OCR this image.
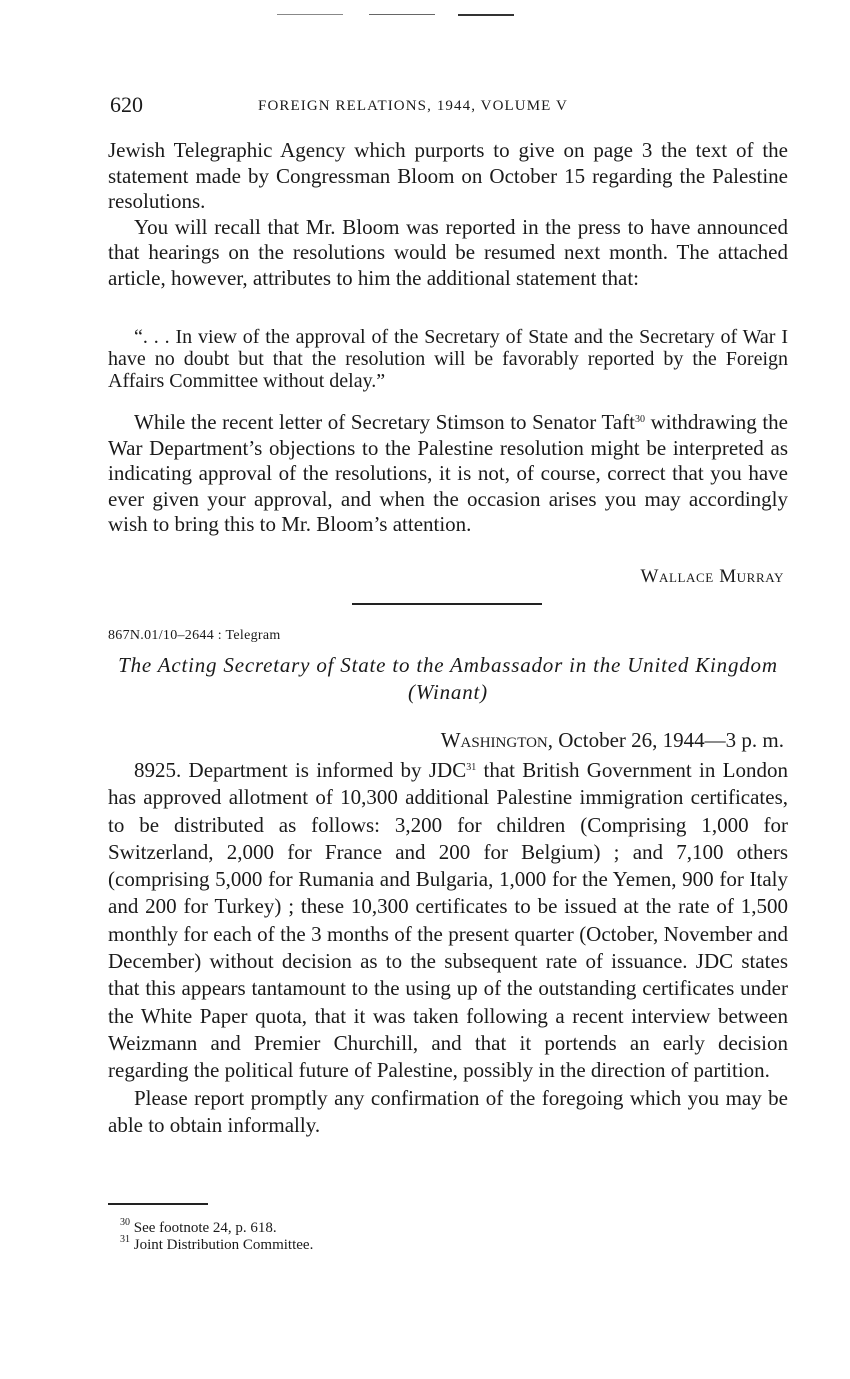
620	FOREIGN RELATIONS, 1944, VOLUME V

Jewish Telegraphic Agency which purports to give on page 3 the text of the statement made by Congressman Bloom on October 15 regarding the Palestine resolutions.

You will recall that Mr. Bloom was reported in the press to have announced that hearings on the resolutions would be resumed next month. The attached article, however, attributes to him the additional statement that:

“. . . In view of the approval of the Secretary of State and the Secretary of War I have no doubt but that the resolution will be favorably reported by the Foreign Affairs Committee without delay.”

While the recent letter of Secretary Stimson to Senator Taft$^{30}$ withdrawing the War Department’s objections to the Palestine resolution might be interpreted as indicating approval of the resolutions, it is not, of course, correct that you have ever given your approval, and when the occasion arises you may accordingly wish to bring this to Mr. Bloom’s attention.

Wallace Murray
867N.01/10–2644 : Telegram
The Acting Secretary of State to the Ambassador in the United Kingdom (Winant)
Washington, October 26, 1944—3 p. m.

8925. Department is informed by JDC$^{31}$ that British Government in London has approved allotment of 10,300 additional Palestine immigration certificates, to be distributed as follows: 3,200 for children (Comprising 1,000 for Switzerland, 2,000 for France and 200 for Belgium) ; and 7,100 others (comprising 5,000 for Rumania and Bulgaria, 1,000 for the Yemen, 900 for Italy and 200 for Turkey) ; these 10,300 certificates to be issued at the rate of 1,500 monthly for each of the 3 months of the present quarter (October, November and December) without decision as to the subsequent rate of issuance. JDC states that this appears tantamount to the using up of the outstanding certificates under the White Paper quota, that it was taken following a recent interview between Weizmann and Premier Churchill, and that it portends an early decision regarding the political future of Palestine, possibly in the direction of partition.

Please report promptly any confirmation of the foregoing which you may be able to obtain informally.

$^{30}$ See footnote 24, p. 618.
$^{31}$ Joint Distribution Committee.
